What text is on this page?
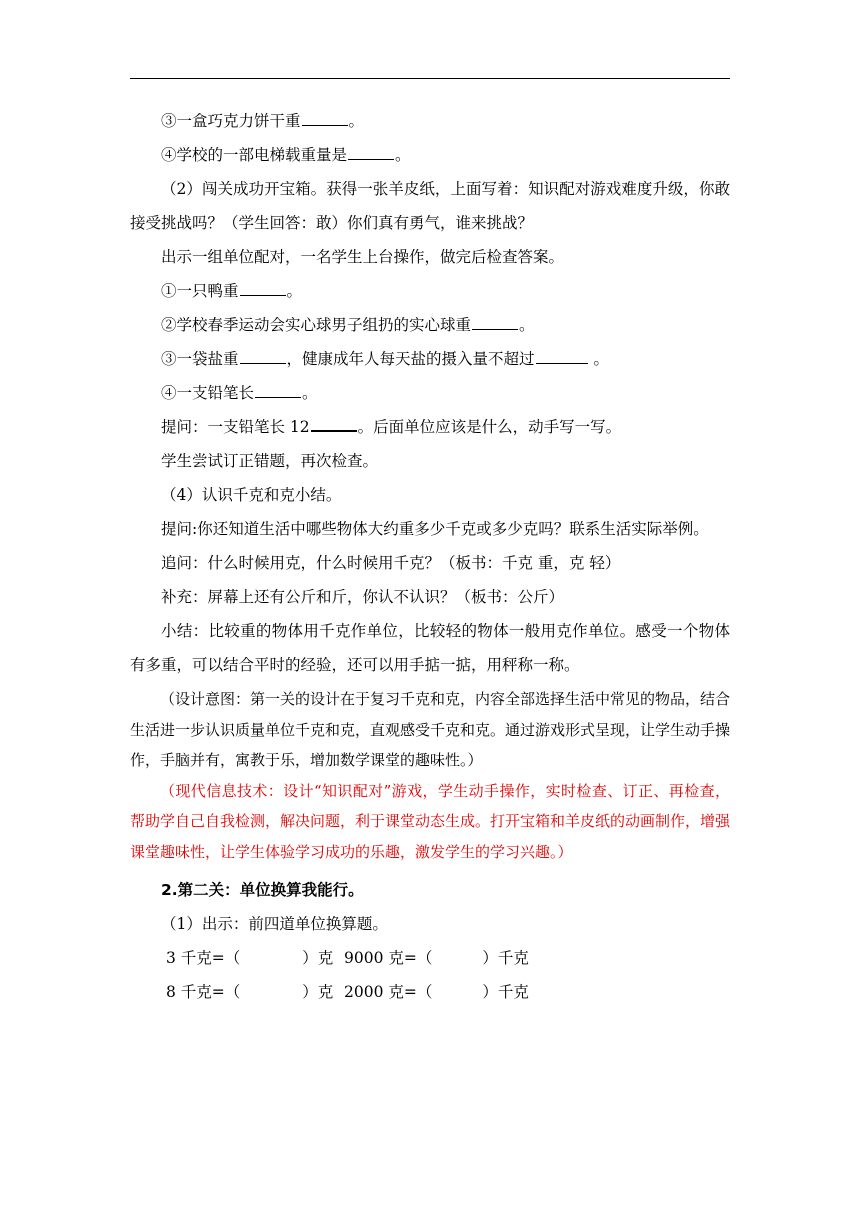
③一盒巧克力饼干重	。

④学校的一部电梯载重量是	。

（2）闯关成功开宝箱。获得一张羊皮纸，上面写着：知识配对游戏难度升级，你敢接受挑战吗？（学生回答：敢）你们真有勇气，谁来挑战？

出示一组单位配对，一名学生上台操作，做完后检查答案。

①一只鸭重	。

②学校春季运动会实心球男子组扔的实心球重	。

③一袋盐重	，健康成年人每天盐的摄入量不超过	。

④一支铅笔长	。

提问：一支铅笔长 12	。后面单位应该是什么，动手写一写。

学生尝试订正错题，再次检查。

（4）认识千克和克小结。

提问:你还知道生活中哪些物体大约重多少千克或多少克吗？联系生活实际举例。

追问：什么时候用克，什么时候用千克？（板书：千克 重，克 轻）

补充：屏幕上还有公斤和斤，你认不认识？（板书：公斤）

小结：比较重的物体用千克作单位，比较轻的物体一般用克作单位。感受一个物体有多重，可以结合平时的经验，还可以用手掂一掂，用秤称一称。

（设计意图：第一关的设计在于复习千克和克，内容全部选择生活中常见的物品，结合生活进一步认识质量单位千克和克，直观感受千克和克。通过游戏形式呈现，让学生动手操作，手脑并有，寓教于乐，增加数学课堂的趣味性。）

（现代信息技术：设计“知识配对”游戏，学生动手操作，实时检查、订正、再检查，帮助学自己自我检测，解决问题，利于课堂动态生成。打开宝箱和羊皮纸的动画制作，增强课堂趣味性，让学生体验学习成功的乐趣，激发学生的学习兴趣。）

2.第二关：单位换算我能行。

（1）出示：前四道单位换算题。

3 千克=（	）克 9000 克=（	）千克
8 千克=（	）克 2000 克=（	）千克
